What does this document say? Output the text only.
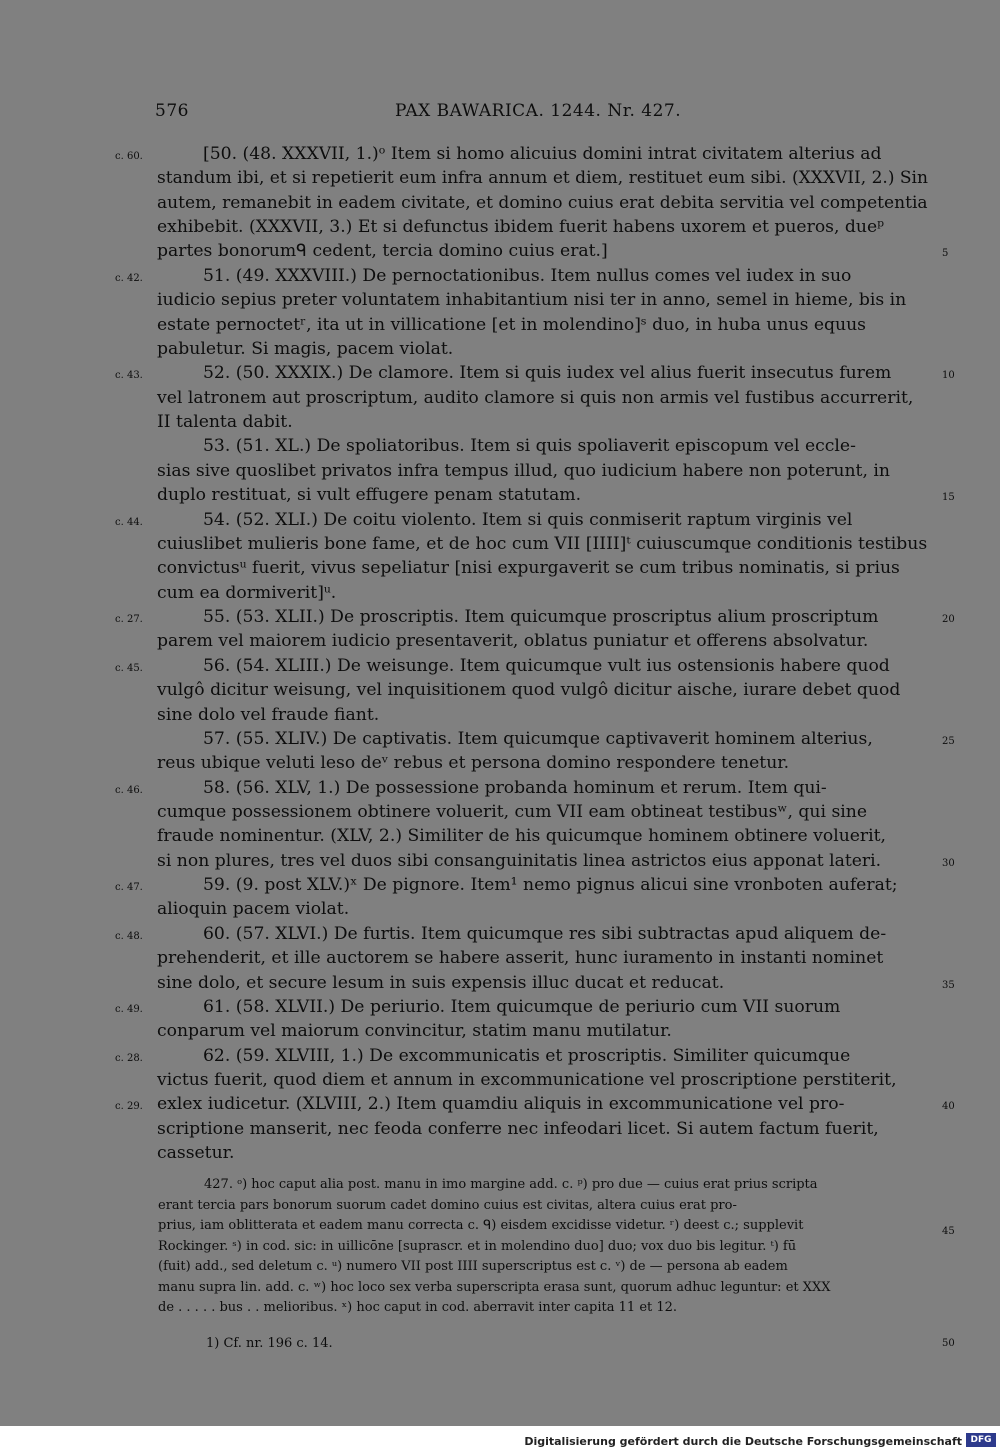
576	PAX BAWARICA. 1244. Nr. 427.
[50. (48. XXXVII, 1.)ᵒ Item si homo alicuius domini intrat civitatem alterius ad
c. 60.
standum ibi, et si repetierit eum infra annum et diem, restituet eum sibi. (XXXVII, 2.) Sin
autem, remanebit in eadem civitate, et domino cuius erat debita servitia vel competentia
exhibebit. (XXXVII, 3.) Et si defunctus ibidem fuerit habens uxorem et pueros, dueᵖ
partes bonorumᑫ cedent, tercia domino cuius erat.]	5
51. (49. XXXVIII.) De pernoctationibus. Item nullus comes vel iudex in suo
c. 42.
iudicio sepius preter voluntatem inhabitantium nisi ter in anno, semel in hieme, bis in
estate pernoctetʳ, ita ut in villicatione [et in molendino]ˢ duo, in huba unus equus
pabuletur. Si magis, pacem violat.
52. (50. XXXIX.) De clamore. Item si quis iudex vel alius fuerit insecutus furem
c. 43.	10
vel latronem aut proscriptum, audito clamore si quis non armis vel fustibus accurrerit,
II talenta dabit.
53. (51. XL.) De spoliatoribus. Item si quis spoliaverit episcopum vel eccle-
sias sive quoslibet privatos infra tempus illud, quo iudicium habere non poterunt, in
duplo restituat, si vult effugere penam statutam.	15
54. (52. XLI.) De coitu violento. Item si quis conmiserit raptum virginis vel
c. 44.
cuiuslibet mulieris bone fame, et de hoc cum VII [IIII]ᵗ cuiuscumque conditionis testibus
convictusᵘ fuerit, vivus sepeliatur [nisi expurgaverit se cum tribus nominatis, si prius
cum ea dormiverit]ᵘ.
55. (53. XLII.) De proscriptis. Item quicumque proscriptus alium proscriptum
c. 27.	20
parem vel maiorem iudicio presentaverit, oblatus puniatur et offerens absolvatur.
56. (54. XLIII.) De weisunge. Item quicumque vult ius ostensionis habere quod
c. 45.
vulgô dicitur weisung, vel inquisitionem quod vulgô dicitur aische, iurare debet quod
sine dolo vel fraude fiant.
57. (55. XLIV.) De captivatis. Item quicumque captivaverit hominem alterius,	25
reus ubique veluti leso deᵛ rebus et persona domino respondere tenetur.
58. (56. XLV, 1.) De possessione probanda hominum et rerum. Item qui-
c. 46.
cumque possessionem obtinere voluerit, cum VII eam obtineat testibusʷ, qui sine
fraude nominentur. (XLV, 2.) Similiter de his quicumque hominem obtinere voluerit,
si non plures, tres vel duos sibi consanguinitatis linea astrictos eius apponat lateri.	30
59. (9. post XLV.)ˣ De pignore. Item¹ nemo pignus alicui sine vronboten auferat;
c. 47.
alioquin pacem violat.
60. (57. XLVI.) De furtis. Item quicumque res sibi subtractas apud aliquem de-
c. 48.
prehenderit, et ille auctorem se habere asserit, hunc iuramento in instanti nominet
sine dolo, et secure lesum in suis expensis illuc ducat et reducat.	35
61. (58. XLVII.) De periurio. Item quicumque de periurio cum VII suorum
c. 49.
conparum vel maiorum convincitur, statim manu mutilatur.
62. (59. XLVIII, 1.) De excommunicatis et proscriptis. Similiter quicumque
c. 28.
victus fuerit, quod diem et annum in excommunicatione vel proscriptione perstiterit,
exlex iudicetur. (XLVIII, 2.) Item quamdiu aliquis in excommunicatione vel pro-
c. 29.	40
scriptione manserit, nec feoda conferre nec infeodari licet. Si autem factum fuerit,
cassetur.
427. ᵒ) hoc caput alia post. manu in imo margine add. c. ᵖ) pro due — cuius erat prius scripta
erant tercia pars bonorum suorum cadet domino cuius est civitas, altera cuius erat pro-
prius, iam oblitterata et eadem manu correcta c. ᑫ) eisdem excidisse videtur. ʳ) deest c.; supplevit	45
Rockinger. ˢ) in cod. sic: in uillicōne [suprascr. et in molendino duo] duo; vox duo bis legitur. ᵗ) fū
(fuit) add., sed deletum c. ᵘ) numero VII post IIII superscriptus est c. ᵛ) de — persona ab eadem
manu supra lin. add. c. ʷ) hoc loco sex verba superscripta erasa sunt, quorum adhuc leguntur: et XXX
de . . . . . bus . . melioribus. ˣ) hoc caput in cod. aberravit inter capita 11 et 12.
1) Cf. nr. 196 c. 14.	50
Digitalisierung gefördert durch die Deutsche Forschungsgemeinschaft DFG
